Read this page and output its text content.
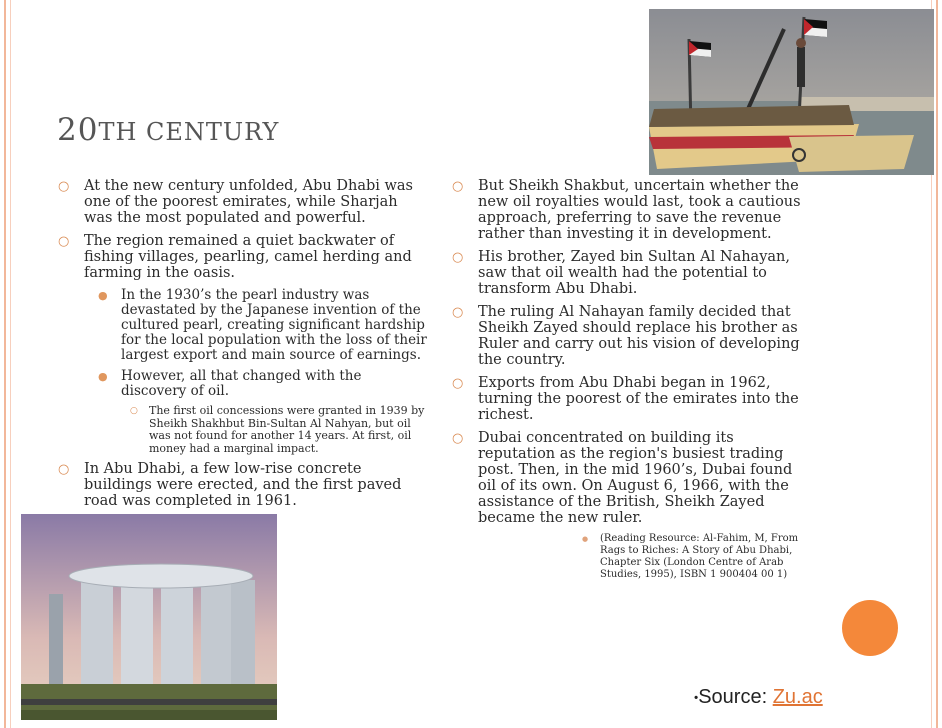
20TH CENTURY
○ At the new century unfolded, Abu Dhabi was one of the poorest emirates, while Sharjah was the most populated and powerful.
○ The region remained a quiet backwater of fishing villages, pearling, camel herding and farming in the oasis.
● In the 1930’s the pearl industry was devastated by the Japanese invention of the cultured pearl, creating significant hardship for the local population with the loss of their largest export and main source of earnings.
● However, all that changed with the discovery of oil.
○ The first oil concessions were granted in 1939 by Sheikh Shakhbut Bin-Sultan Al Nahyan, but oil was not found for another 14 years. At first, oil money had a marginal impact.
○ In Abu Dhabi, a few low-rise concrete buildings were erected, and the first paved road was completed in 1961.
○ But Sheikh Shakbut, uncertain whether the new oil royalties would last, took a cautious approach, preferring to save the revenue rather than investing it in development.
○ His brother, Zayed bin Sultan Al Nahayan, saw that oil wealth had the potential to transform Abu Dhabi.
○ The ruling Al Nahayan family decided that Sheikh Zayed should replace his brother as Ruler and carry out his vision of developing the country.
○ Exports from Abu Dhabi began in 1962, turning the poorest of the emirates into the richest.
○ Dubai concentrated on building its reputation as the region's busiest trading post. Then, in the mid 1960’s, Dubai found oil of its own. On August 6, 1966, with the assistance of the British, Sheikh Zayed became the new ruler.
● (Reading Resource: Al-Fahim, M, From Rags to Riches: A Story of Abu Dhabi, Chapter Six (London Centre of Arab Studies, 1995), ISBN 1 900404 00 1)
•Source: Zu.ac
